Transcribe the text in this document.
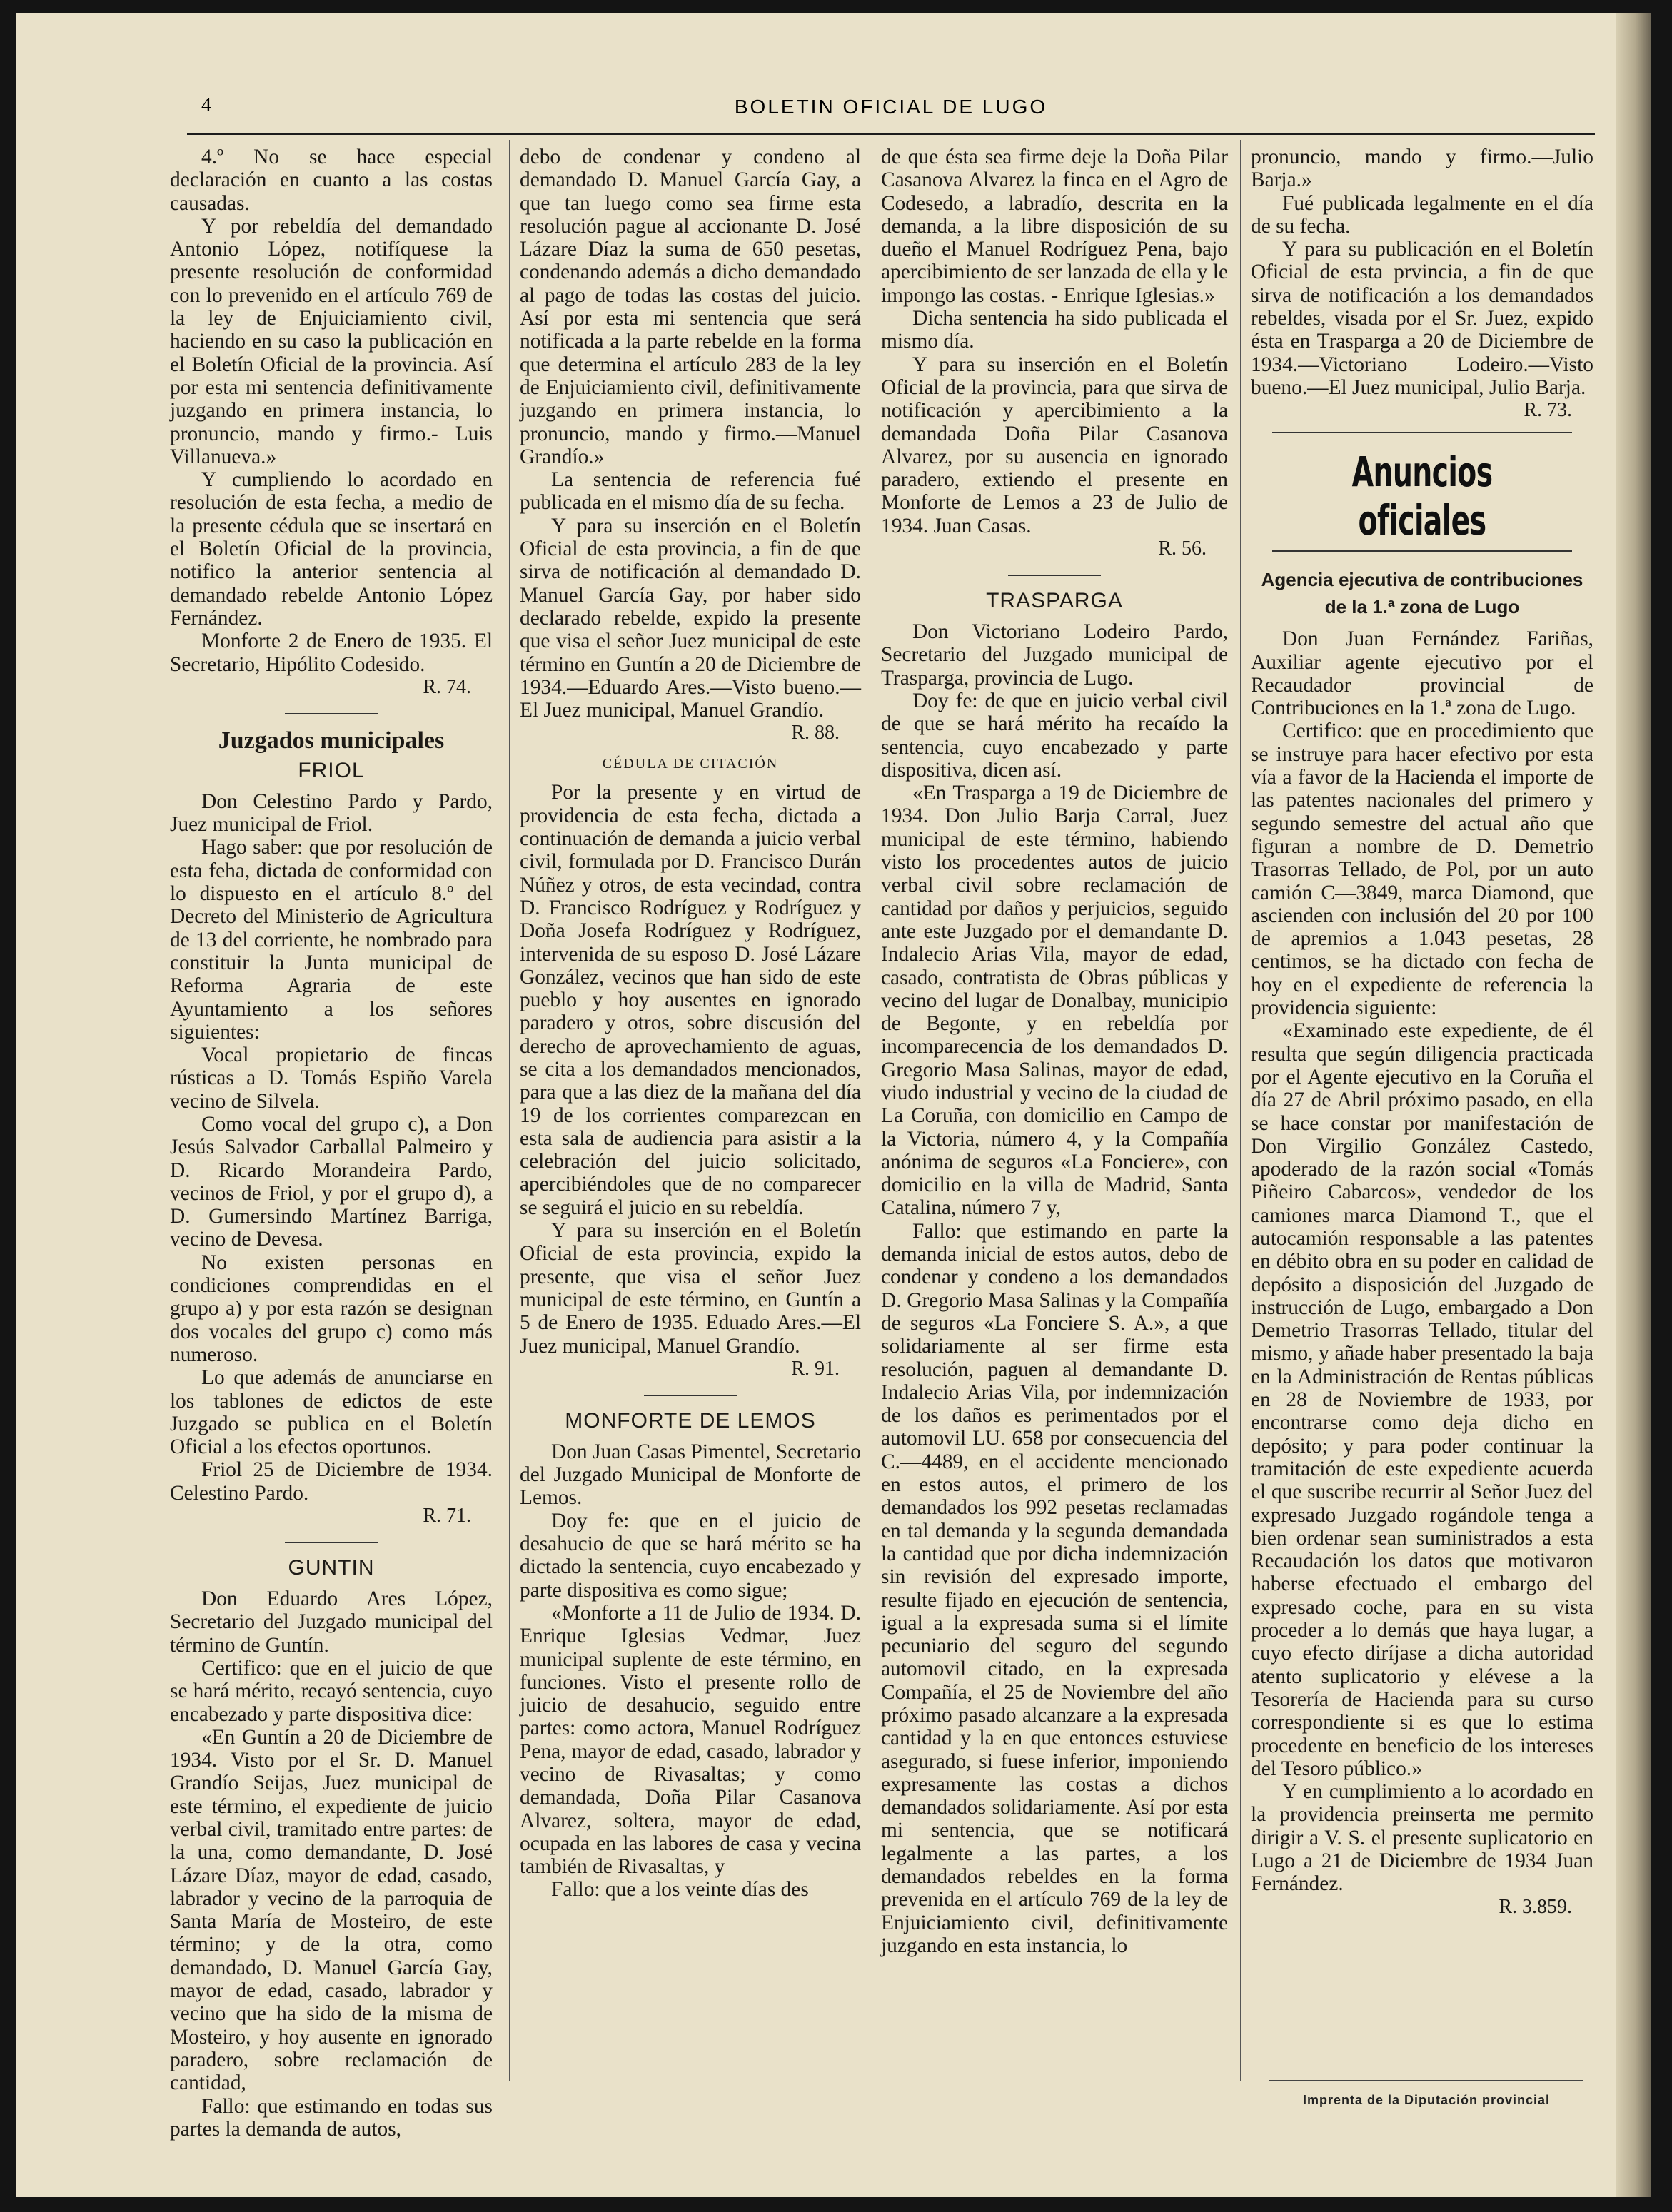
4	BOLETIN OFICIAL DE LUGO

4.º No se hace especial declaración en cuanto a las costas causadas.

Y por rebeldía del demandado Antonio López, notifíquese la presente resolución de conformidad con lo prevenido en el artículo 769 de la ley de Enjuiciamiento civil, haciendo en su caso la publicación en el Boletín Oficial de la provincia. Así por esta mi sentencia definitivamente juzgando en primera instancia, lo pronuncio, mando y firmo.- Luis Villanueva.»

Y cumpliendo lo acordado en resolución de esta fecha, a medio de la presente cédula que se insertará en el Boletín Oficial de la provincia, notifico la anterior sentencia al demandado rebelde Antonio López Fernández.

Monforte 2 de Enero de 1935. El Secretario, Hipólito Codesido.

R. 74.

Juzgados municipales
FRIOL

Don Celestino Pardo y Pardo, Juez municipal de Friol.

Hago saber: que por resolución de esta feha, dictada de conformidad con lo dispuesto en el artículo 8.º del Decreto del Ministerio de Agricultura de 13 del corriente, he nombrado para constituir la Junta municipal de Reforma Agraria de este Ayuntamiento a los señores siguientes:

Vocal propietario de fincas rústicas a D. Tomás Espiño Varela vecino de Silvela.

Como vocal del grupo c), a Don Jesús Salvador Carballal Palmeiro y D. Ricardo Morandeira Pardo, vecinos de Friol, y por el grupo d), a D. Gumersindo Martínez Barriga, vecino de Devesa.

No existen personas en condiciones comprendidas en el grupo a) y por esta razón se designan dos vocales del grupo c) como más numeroso.

Lo que además de anunciarse en los tablones de edictos de este Juzgado se publica en el Boletín Oficial a los efectos oportunos.

Friol 25 de Diciembre de 1934. Celestino Pardo.

R. 71.

GUNTIN

Don Eduardo Ares López, Secretario del Juzgado municipal del término de Guntín.

Certifico: que en el juicio de que se hará mérito, recayó sentencia, cuyo encabezado y parte dispositiva dice:

«En Guntín a 20 de Diciembre de 1934. Visto por el Sr. D. Manuel Grandío Seijas, Juez municipal de este término, el expediente de juicio verbal civil, tramitado entre partes: de la una, como demandante, D. José Lázare Díaz, mayor de edad, casado, labrador y vecino de la parroquia de Santa María de Mosteiro, de este término; y de la otra, como demandado, D. Manuel García Gay, mayor de edad, casado, labrador y vecino que ha sido de la misma de Mosteiro, y hoy ausente en ignorado paradero, sobre reclamación de cantidad,

Fallo: que estimando en todas sus partes la demanda de autos,

debo de condenar y condeno al demandado D. Manuel García Gay, a que tan luego como sea firme esta resolución pague al accionante D. José Lázare Díaz la suma de 650 pesetas, condenando además a dicho demandado al pago de todas las costas del juicio. Así por esta mi sentencia que será notificada a la parte rebelde en la forma que determina el artículo 283 de la ley de Enjuiciamiento civil, definitivamente juzgando en primera instancia, lo pronuncio, mando y firmo.—Manuel Grandío.»

La sentencia de referencia fué publicada en el mismo día de su fecha.

Y para su inserción en el Boletín Oficial de esta provincia, a fin de que sirva de notificación al demandado D. Manuel García Gay, por haber sido declarado rebelde, expido la presente que visa el señor Juez municipal de este término en Guntín a 20 de Diciembre de 1934.—Eduardo Ares.—Visto bueno.—El Juez municipal, Manuel Grandío.

R. 88.

CÉDULA DE CITACIÓN

Por la presente y en virtud de providencia de esta fecha, dictada a continuación de demanda a juicio verbal civil, formulada por D. Francisco Durán Núñez y otros, de esta vecindad, contra D. Francisco Rodríguez y Rodríguez y Doña Josefa Rodríguez y Rodríguez, intervenida de su esposo D. José Lázare González, vecinos que han sido de este pueblo y hoy ausentes en ignorado paradero y otros, sobre discusión del derecho de aprovechamiento de aguas, se cita a los demandados mencionados, para que a las diez de la mañana del día 19 de los corrientes comparezcan en esta sala de audiencia para asistir a la celebración del juicio solicitado, apercibiéndoles que de no comparecer se seguirá el juicio en su rebeldía.

Y para su inserción en el Boletín Oficial de esta provincia, expido la presente, que visa el señor Juez municipal de este término, en Guntín a 5 de Enero de 1935. Eduado Ares.—El Juez municipal, Manuel Grandío.

R. 91.

MONFORTE DE LEMOS

Don Juan Casas Pimentel, Secretario del Juzgado Municipal de Monforte de Lemos.

Doy fe: que en el juicio de desahucio de que se hará mérito se ha dictado la sentencia, cuyo encabezado y parte dispositiva es como sigue;

«Monforte a 11 de Julio de 1934. D. Enrique Iglesias Vedmar, Juez municipal suplente de este término, en funciones. Visto el presente rollo de juicio de desahucio, seguido entre partes: como actora, Manuel Rodríguez Pena, mayor de edad, casado, labrador y vecino de Rivasaltas; y como demandada, Doña Pilar Casanova Alvarez, soltera, mayor de edad, ocupada en las labores de casa y vecina también de Rivasaltas, y

Fallo: que a los veinte días des

de que ésta sea firme deje la Doña Pilar Casanova Alvarez la finca en el Agro de Codesedo, a labradío, descrita en la demanda, a la libre disposición de su dueño el Manuel Rodríguez Pena, bajo apercibimiento de ser lanzada de ella y le impongo las costas. - Enrique Iglesias.»

Dicha sentencia ha sido publicada el mismo día.

Y para su inserción en el Boletín Oficial de la provincia, para que sirva de notificación y apercibimiento a la demandada Doña Pilar Casanova Alvarez, por su ausencia en ignorado paradero, extiendo el presente en Monforte de Lemos a 23 de Julio de 1934. Juan Casas.

R. 56.

TRASPARGA

Don Victoriano Lodeiro Pardo, Secretario del Juzgado municipal de Trasparga, provincia de Lugo.

Doy fe: de que en juicio verbal civil de que se hará mérito ha recaído la sentencia, cuyo encabezado y parte dispositiva, dicen así.

«En Trasparga a 19 de Diciembre de 1934. Don Julio Barja Carral, Juez municipal de este término, habiendo visto los procedentes autos de juicio verbal civil sobre reclamación de cantidad por daños y perjuicios, seguido ante este Juzgado por el demandante D. Indalecio Arias Vila, mayor de edad, casado, contratista de Obras públicas y vecino del lugar de Donalbay, municipio de Begonte, y en rebeldía por incomparecencia de los demandados D. Gregorio Masa Salinas, mayor de edad, viudo industrial y vecino de la ciudad de La Coruña, con domicilio en Campo de la Victoria, número 4, y la Compañía anónima de seguros «La Fonciere», con domicilio en la villa de Madrid, Santa Catalina, número 7 y,

Fallo: que estimando en parte la demanda inicial de estos autos, debo de condenar y condeno a los demandados D. Gregorio Masa Salinas y la Compañía de seguros «La Fonciere S. A.», a que solidariamente al ser firme esta resolución, paguen al demandante D. Indalecio Arias Vila, por indemnización de los daños es perimentados por el automovil LU. 658 por consecuencia del C.—4489, en el accidente mencionado en estos autos, el primero de los demandados los 992 pesetas reclamadas en tal demanda y la segunda demandada la cantidad que por dicha indemnización sin revisión del expresado importe, resulte fijado en ejecución de sentencia, igual a la expresada suma si el límite pecuniario del seguro del segundo automovil citado, en la expresada Compañía, el 25 de Noviembre del año próximo pasado alcanzare a la expresada cantidad y la en que entonces estuviese asegurado, si fuese inferior, imponiendo expresamente las costas a dichos demandados solidariamente. Así por esta mi sentencia, que se notificará legalmente a las partes, a los demandados rebeldes en la forma prevenida en el artículo 769 de la ley de Enjuiciamiento civil, definitivamente juzgando en esta instancia, lo

pronuncio, mando y firmo.—Julio Barja.»

Fué publicada legalmente en el día de su fecha.

Y para su publicación en el Boletín Oficial de esta prvincia, a fin de que sirva de notificación a los demandados rebeldes, visada por el Sr. Juez, expido ésta en Trasparga a 20 de Diciembre de 1934.—Victoriano Lodeiro.—Visto bueno.—El Juez municipal, Julio Barja.

R. 73.

Anuncios oficiales
Agencia ejecutiva de contribuciones
de la 1.ª zona de Lugo

Don Juan Fernández Fariñas, Auxiliar agente ejecutivo por el Recaudador provincial de Contribuciones en la 1.ª zona de Lugo.

Certifico: que en procedimiento que se instruye para hacer efectivo por esta vía a favor de la Hacienda el importe de las patentes nacionales del primero y segundo semestre del actual año que figuran a nombre de D. Demetrio Trasorras Tellado, de Pol, por un auto camión C—3849, marca Diamond, que ascienden con inclusión del 20 por 100 de apremios a 1.043 pesetas, 28 centimos, se ha dictado con fecha de hoy en el expediente de referencia la providencia siguiente:

«Examinado este expediente, de él resulta que según diligencia practicada por el Agente ejecutivo en la Coruña el día 27 de Abril próximo pasado, en ella se hace constar por manifestación de Don Virgilio González Castedo, apoderado de la razón social «Tomás Piñeiro Cabarcos», vendedor de los camiones marca Diamond T., que el autocamión responsable a las patentes en débito obra en su poder en calidad de depósito a disposición del Juzgado de instrucción de Lugo, embargado a Don Demetrio Trasorras Tellado, titular del mismo, y añade haber presentado la baja en la Administración de Rentas públicas en 28 de Noviembre de 1933, por encontrarse como deja dicho en depósito; y para poder continuar la tramitación de este expediente acuerda el que suscribe recurrir al Señor Juez del expresado Juzgado rogándole tenga a bien ordenar sean suministrados a esta Recaudación los datos que motivaron haberse efectuado el embargo del expresado coche, para en su vista proceder a lo demás que haya lugar, a cuyo efecto diríjase a dicha autoridad atento suplicatorio y elévese a la Tesorería de Hacienda para su curso correspondiente si es que lo estima procedente en beneficio de los intereses del Tesoro público.»

Y en cumplimiento a lo acordado en la providencia preinserta me permito dirigir a V. S. el presente suplicatorio en Lugo a 21 de Diciembre de 1934 Juan Fernández.

R. 3.859.

Imprenta de la Diputación provincial
